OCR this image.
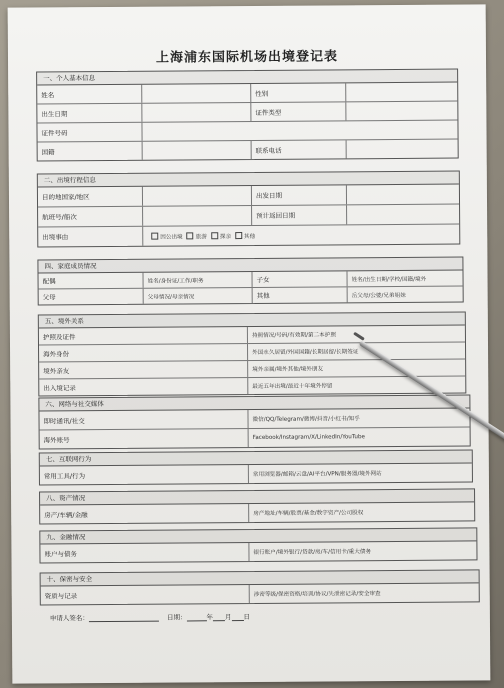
上海浦东国际机场出境登记表
一、个人基本信息
姓名	性别
出生日期	证件类型
证件号码
国籍	联系电话
二、出境行程信息
目的地国家/地区	出发日期
航班号/船次	预计返回日期
出境事由	因公出境 旅游 探亲 其他
四、家庭成员情况
配偶	姓名/身份证/工作/职务	子女	姓名/出生日期/学校/国籍/境外
父母	父母情况/母亲情况	其他	岳父母/公婆/兄弟姐妹
五、境外关系
护照及证件	持照情况/号码/有效期/第二本护照
海外身份	外国永久居留/外国国籍/长期居留/长期签证
境外亲友	境外亲属/境外其他/境外朋友
出入境记录	最近五年出境/最近十年境外停留
六、网络与社交媒体
即时通讯/社交	微信/QQ/Telegram/微博/抖音/小红书/知乎
海外账号	Facebook/Instagram/X/LinkedIn/YouTube
七、互联网行为
常用工具/行为	常用浏览器/邮箱/云盘/AI平台/VPN/服务器/境外网站
八、资产情况
房产/车辆/金融	房产地址/车辆/股票/基金/数字资产/公司股权
九、金融情况
账户与债务	银行账户/境外银行/贷款/房/车/信用卡/重大债务
十、保密与安全
资质与记录	涉密等级/保密资格/培训/协议/失泄密记录/安全审查
申请人签名：	日期：	年 月 日
